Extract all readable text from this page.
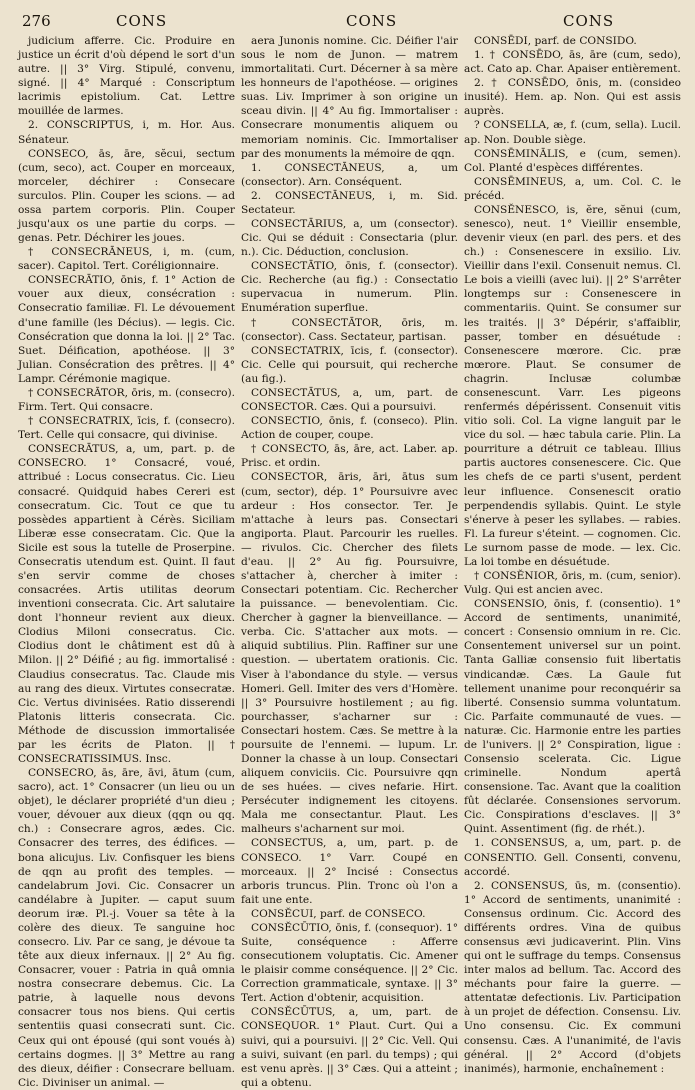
276	CONS	CONS	CONS

judicium afferre. Cic. Produire en justice un écrit d'où dépend le sort d'un autre. || 3° Virg. Stipulé, convenu, signé. || 4° Marqué : Conscriptum lacrimis epistolium. Cat. Lettre mouillée de larmes.

2. CONSCRIPTUS, i, m. Hor. Aus. Sénateur.

CONSECO, ās, āre, sĕcui, sectum (cum, seco), act. Couper en morceaux, morceler, déchirer : Consecare surculos. Plin. Couper les scions. — ad ossa partem corporis. Plin. Couper jusqu'aux os une partie du corps. — genas. Petr. Déchirer les joues.

† CONSECRĀNEUS, i, m. (cum, sacer). Capitol. Tert. Coréligionnaire.

CONSECRĀTIO, ōnis, f. 1° Action de vouer aux dieux, consécration : Consecratio familiæ. Fl. Le dévouement d'une famille (les Décius). — legis. Cic. Consécration que donna la loi. || 2° Tac. Suet. Déification, apothéose. || 3° Julian. Consécration des prêtres. || 4° Lampr. Cérémonie magique.

† CONSECRĀTOR, ōris, m. (consecro). Firm. Tert. Qui consacre.

† CONSECRATRIX, īcis, f. (consecro). Tert. Celle qui consacre, qui divinise.

CONSECRĀTUS, a, um, part. p. de CONSECRO. 1° Consacré, voué, attribué : Locus consecratus. Cic. Lieu consacré. Quidquid habes Cereri est consecratum. Cic. Tout ce que tu possèdes appartient à Cérès. Siciliam Liberæ esse consecratam. Cic. Que la Sicile est sous la tutelle de Proserpine. Consecratis utendum est. Quint. Il faut s'en servir comme de choses consacrées. Artis utilitas deorum inventioni consecrata. Cic. Art salutaire dont l'honneur revient aux dieux. Clodius Miloni consecratus. Cic. Clodius dont le châtiment est dû à Milon. || 2° Déifié ; au fig. immortalisé : Claudius consecratus. Tac. Claude mis au rang des dieux. Virtutes consecratæ. Cic. Vertus divinisées. Ratio disserendi Platonis litteris consecrata. Cic. Méthode de discussion immortalisée par les écrits de Platon. || † CONSECRATISSIMUS. Insc.

CONSECRO, ās, āre, āvi, ātum (cum, sacro), act. 1° Consacrer (un lieu ou un objet), le déclarer propriété d'un dieu ; vouer, dévouer aux dieux (qqn ou qq. ch.) : Consecrare agros, ædes. Cic. Consacrer des terres, des édifices. — bona alicujus. Liv. Confisquer les biens de qqn au profit des temples. — candelabrum Jovi. Cic. Consacrer un candélabre à Jupiter. — caput suum deorum iræ. Pl.-j. Vouer sa tête à la colère des dieux. Te sanguine hoc consecro. Liv. Par ce sang, je dévoue ta tête aux dieux infernaux. || 2° Au fig. Consacrer, vouer : Patria in quâ omnia nostra consecrare debemus. Cic. La patrie, à laquelle nous devons consacrer tous nos biens. Qui certis sententiis quasi consecrati sunt. Cic. Ceux qui ont épousé (qui sont voués à) certains dogmes. || 3° Mettre au rang des dieux, déifier : Consecrare belluam. Cic. Diviniser un animal. —

aera Junonis nomine. Cic. Déifier l'air sous le nom de Junon. — matrem immortalitati. Curt. Décerner à sa mère les honneurs de l'apothéose. — origines suas. Liv. Imprimer à son origine un sceau divin. || 4° Au fig. Immortaliser : Consecrare monumentis aliquem ou memoriam nominis. Cic. Immortaliser par des monuments la mémoire de qqn.

1. CONSECTĀNEUS, a, um (consector). Arn. Conséquent.

2. CONSECTĀNEUS, i, m. Sid. Sectateur.

CONSECTĀRIUS, a, um (consector). Cic. Qui se déduit : Consectaria (plur. n.). Cic. Déduction, conclusion.

CONSECTĀTIO, ōnis, f. (consector). Cic. Recherche (au fig.) : Consectatio supervacua in numerum. Plin. Enumération superflue.

† CONSECTĀTOR, ōris, m. (consector). Cass. Sectateur, partisan.

CONSECTATRIX, īcis, f. (consector). Cic. Celle qui poursuit, qui recherche (au fig.).

CONSECTĀTUS, a, um, part. de CONSECTOR. Cæs. Qui a poursuivi.

CONSECTIO, ōnis, f. (conseco). Plin. Action de couper, coupe.

† CONSECTO, ās, āre, act. Laber. ap. Prisc. et ordin.

CONSECTOR, āris, āri, ātus sum (cum, sector), dép. 1° Poursuivre avec ardeur : Hos consector. Ter. Je m'attache à leurs pas. Consectari angiporta. Plaut. Parcourir les ruelles. — rivulos. Cic. Chercher des filets d'eau. || 2° Au fig. Poursuivre, s'attacher à, chercher à imiter : Consectari potentiam. Cic. Rechercher la puissance. — benevolentiam. Cic. Chercher à gagner la bienveillance. — verba. Cic. S'attacher aux mots. — aliquid subtilius. Plin. Raffiner sur une question. — ubertatem orationis. Cic. Viser à l'abondance du style. — versus Homeri. Gell. Imiter des vers d'Homère. || 3° Poursuivre hostilement ; au fig. pourchasser, s'acharner sur : Consectari hostem. Cæs. Se mettre à la poursuite de l'ennemi. — lupum. Lr. Donner la chasse à un loup. Consectari aliquem conviciis. Cic. Poursuivre qqn de ses huées. — cives nefarie. Hirt. Persécuter indignement les citoyens. Mala me consectantur. Plaut. Les malheurs s'acharnent sur moi.

CONSECTUS, a, um, part. p. de CONSECO. 1° Varr. Coupé en morceaux. || 2° Incisé : Consectus arboris truncus. Plin. Tronc où l'on a fait une ente.

CONSĔCUI, parf. de CONSECO.

CONSĔCŪTIO, ōnis, f. (consequor). 1° Suite, conséquence : Afferre consecutionem voluptatis. Cic. Amener le plaisir comme conséquence. || 2° Cic. Correction grammaticale, syntaxe. || 3° Tert. Action d'obtenir, acquisition.

CONSĔCŪTUS, a, um, part. de CONSEQUOR. 1° Plaut. Curt. Qui a suivi, qui a poursuivi. || 2° Cic. Vell. Qui a suivi, suivant (en parl. du temps) ; qui est venu après. || 3° Cæs. Qui a atteint ; qui a obtenu.

CONSĒDI, parf. de CONSIDO.

1. † CONSĒDO, ās, āre (cum, sedo), act. Cato ap. Char. Apaiser entièrement.

2. † CONSĒDO, ōnis, m. (consideo inusité). Hem. ap. Non. Qui est assis auprès.

? CONSELLA, æ, f. (cum, sella). Lucil. ap. Non. Double siège.

CONSĒMINĀLIS, e (cum, semen). Col. Planté d'espèces différentes.

CONSĒMINEUS, a, um. Col. C. le précéd.

CONSĔNESCO, is, ĕre, sĕnui (cum, senesco), neut. 1° Vieillir ensemble, devenir vieux (en parl. des pers. et des ch.) : Consenescere in exsilio. Liv. Vieillir dans l'exil. Consenuit nemus. Cl. Le bois a vieilli (avec lui). || 2° S'arrêter longtemps sur : Consenescere in commentariis. Quint. Se consumer sur les traités. || 3° Dépérir, s'affaiblir, passer, tomber en désuétude : Consenescere mœrore. Cic. præ mœrore. Plaut. Se consumer de chagrin. Inclusæ columbæ consenescunt. Varr. Les pigeons renfermés dépérissent. Consenuit vitis vitio soli. Col. La vigne languit par le vice du sol. — hæc tabula carie. Plin. La pourriture a détruit ce tableau. Illius partis auctores consenescere. Cic. Que les chefs de ce parti s'usent, perdent leur influence. Consenescit oratio perpendendis syllabis. Quint. Le style s'énerve à peser les syllabes. — rabies. Fl. La fureur s'éteint. — cognomen. Cic. Le surnom passe de mode. — lex. Cic. La loi tombe en désuétude.

† CONSĔNIOR, ōris, m. (cum, senior). Vulg. Qui est ancien avec.

CONSENSIO, ōnis, f. (consentio). 1° Accord de sentiments, unanimité, concert : Consensio omnium in re. Cic. Consentement universel sur un point. Tanta Galliæ consensio fuit libertatis vindicandæ. Cæs. La Gaule fut tellement unanime pour reconquérir sa liberté. Consensio summa voluntatum. Cic. Parfaite communauté de vues. — naturæ. Cic. Harmonie entre les parties de l'univers. || 2° Conspiration, ligue : Consensio scelerata. Cic. Ligue criminelle. Nondum apertâ consensione. Tac. Avant que la coalition fût déclarée. Consensiones servorum. Cic. Conspirations d'esclaves. || 3° Quint. Assentiment (fig. de rhét.).

1. CONSENSUS, a, um, part. p. de CONSENTIO. Gell. Consenti, convenu, accordé.

2. CONSENSUS, ūs, m. (consentio). 1° Accord de sentiments, unanimité : Consensus ordinum. Cic. Accord des différents ordres. Vina de quibus consensus ævi judicaverint. Plin. Vins qui ont le suffrage du temps. Consensus inter malos ad bellum. Tac. Accord des méchants pour faire la guerre. — attentatæ defectionis. Liv. Participation à un projet de défection. Consensu. Liv. Uno consensu. Cic. Ex communi consensu. Cæs. A l'unanimité, de l'avis général. || 2° Accord (d'objets inanimés), harmonie, enchaînement :
